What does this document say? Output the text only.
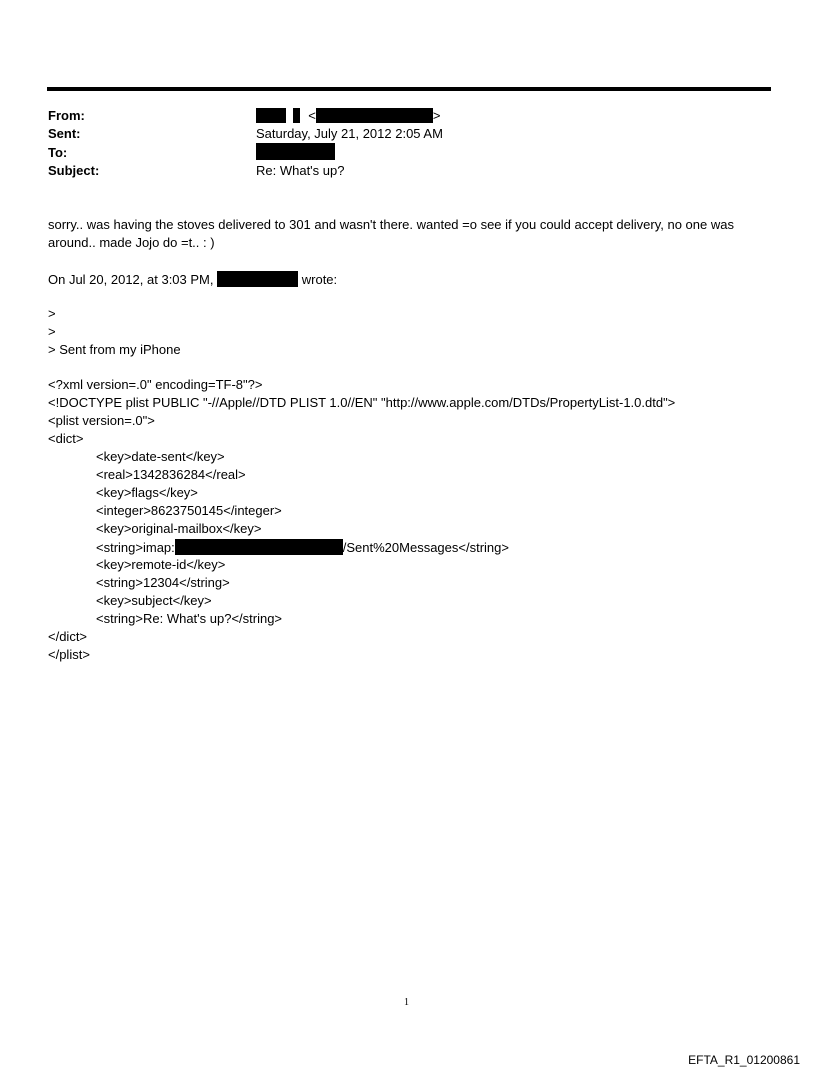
From:	<	>
Sent:	Saturday, July 21, 2012 2:05 AM
To:
Subject:	Re: What's up?
sorry.. was having the stoves delivered to 301 and wasn't there. wanted =o see if you could accept delivery, no one was
around.. made Jojo do =t.. : )
On Jul 20, 2012, at 3:03 PM,	wrote:
>
>
> Sent from my iPhone
<?xml version=.0" encoding=TF-8"?>
<!DOCTYPE plist PUBLIC "-//Apple//DTD PLIST 1.0//EN" "http://www.apple.com/DTDs/PropertyList-1.0.dtd">
<plist version=.0">
<dict>
<key>date-sent</key>
<real>1342836284</real>
<key>flags</key>
<integer>8623750145</integer>
<key>original-mailbox</key>
<string>imap:	/Sent%20Messages</string>
<key>remote-id</key>
<string>12304</string>
<key>subject</key>
<string>Re: What's up?</string>
</dict>
</plist>
1
EFTA_R1_01200861
